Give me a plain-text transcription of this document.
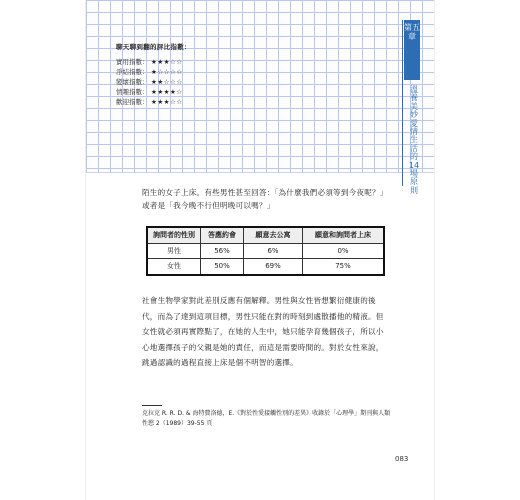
聊天聊到翻的評比指數：
實用指數： ★★★☆☆
淨結指數： ★☆☆☆☆
變壞指數： ★★☆☆☆
情趣指數： ★★★★☆
歡迎指數： ★★★☆☆
第五章
溫養美妙愛情生活的14場原則
陌生的女子上床。有些男性甚至回答：「為什麼我們必須等到今夜呢？」或者是「我今晚不行但明晚可以嗎？」
詢問者的性別	答應約會	願意去公寓	願意和詢問者上床
男性	56%	6%	0%
女性	50%	69%	75%
社會生物學家對此差別反應有個解釋。男性與女性皆想繁衍健康的後代，而為了達到這項目標，男性只能在對的時刻到處散播他的精液。但女性就必須再實際點了，在她的人生中，她只能孕育幾個孩子，所以小心地選擇孩子的父親是她的責任，而這是需要時間的。對於女性來說，跳過認識的過程直接上床是個不明智的選擇。
克拉克 R. R. D. & 海特費洛德，E.《對於性愛接觸性別的差異》收錄於「心理學」期刊與人類性慾 2（1989）39-55 頁
083
